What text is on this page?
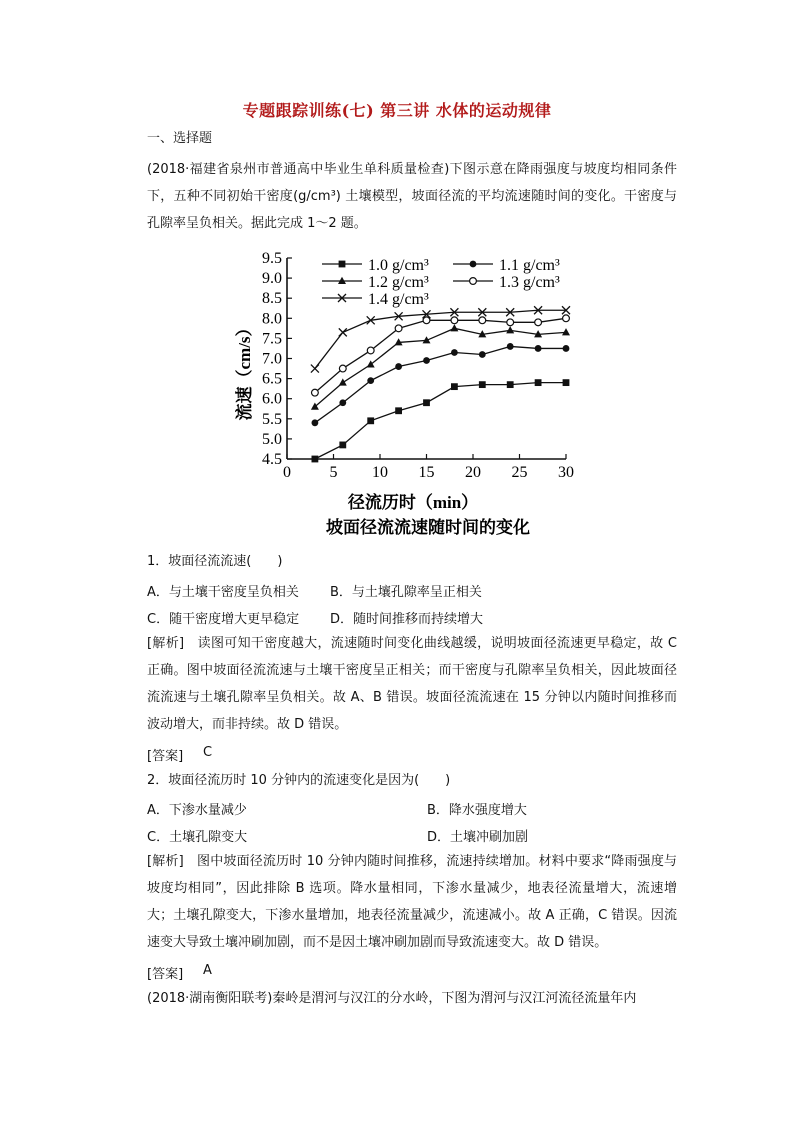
专题跟踪训练(七) 第三讲 水体的运动规律
一、选择题
(2018·福建省泉州市普通高中毕业生单科质量检查)下图示意在降雨强度与坡度均相同条件下，五种不同初始干密度(g/cm³) 土壤模型，坡面径流的平均流速随时间的变化。干密度与孔隙率呈负相关。据此完成 1～2 题。
4.5
5.0
5.5
6.0
6.5
7.0
7.5
8.0
8.5
9.0
9.5
0 5 10 15 20 25 30
1.0 g/cm³	1.1 g/cm³
1.2 g/cm³	1.3 g/cm³
1.4 g/cm³
流速（cm/s）
径流历时（min）
坡面径流流速随时间的变化
1．坡面径流流速(　　)
A．与土壤干密度呈负相关 B．与土壤孔隙率呈正相关
C．随干密度增大更早稳定 D．随时间推移而持续增大
[解析]　读图可知干密度越大，流速随时间变化曲线越缓，说明坡面径流速更早稳定，故 C 正确。图中坡面径流流速与土壤干密度呈正相关；而干密度与孔隙率呈负相关，因此坡面径流流速与土壤孔隙率呈负相关。故 A、B 错误。坡面径流流速在 15 分钟以内随时间推移而波动增大，而非持续。故 D 错误。
[答案] C
2．坡面径流历时 10 分钟内的流速变化是因为(　　)
A．下渗水量减少	B．降水强度增大
C．土壤孔隙变大	D．土壤冲刷加剧
[解析]　图中坡面径流历时 10 分钟内随时间推移，流速持续增加。材料中要求“降雨强度与坡度均相同”，因此排除 B 选项。降水量相同，下渗水量减少，地表径流量增大，流速增大；土壤孔隙变大，下渗水量增加，地表径流量减少，流速减小。故 A 正确，C 错误。因流速变大导致土壤冲刷加剧，而不是因土壤冲刷加剧而导致流速变大。故 D 错误。
[答案] A
(2018·湖南衡阳联考)秦岭是渭河与汉江的分水岭，下图为渭河与汉江河流径流量年内
